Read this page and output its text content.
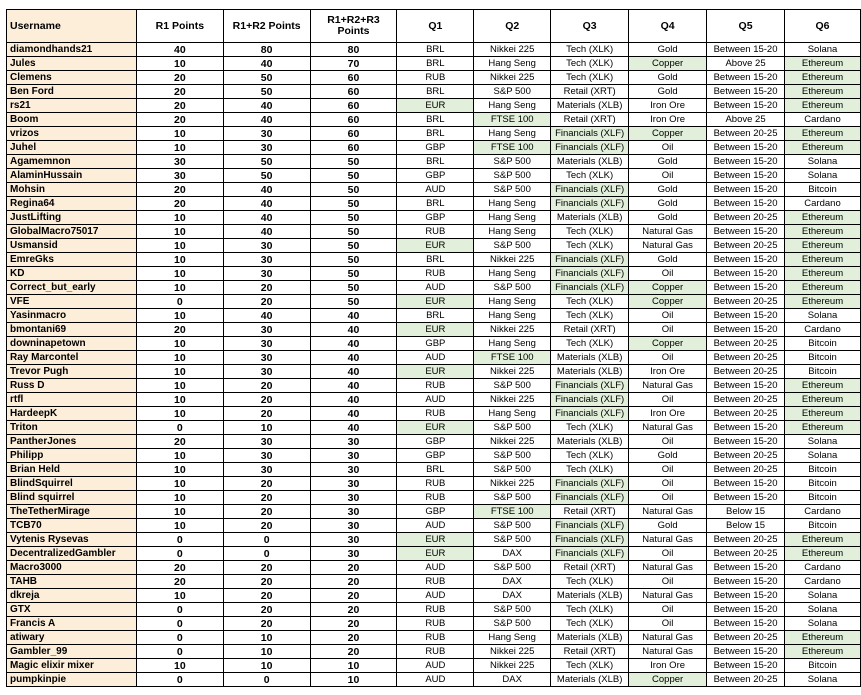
Username	R1 Points	R1+R2 Points	R1+R2+R3 Points	Q1	Q2	Q3	Q4	Q5	Q6
diamondhands21	40	80	80	BRL	Nikkei 225	Tech (XLK)	Gold	Between 15-20	Solana
Jules	10	40	70	BRL	Hang Seng	Tech (XLK)	Copper	Above 25	Ethereum
Clemens	20	50	60	RUB	Nikkei 225	Tech (XLK)	Gold	Between 15-20	Ethereum
Ben Ford	20	50	60	BRL	S&P 500	Retail (XRT)	Gold	Between 15-20	Ethereum
rs21	20	40	60	EUR	Hang Seng	Materials (XLB)	Iron Ore	Between 15-20	Ethereum
Boom	20	40	60	BRL	FTSE 100	Retail (XRT)	Iron Ore	Above 25	Cardano
vrizos	10	30	60	BRL	Hang Seng	Financials (XLF)	Copper	Between 20-25	Ethereum
Juhel	10	30	60	GBP	FTSE 100	Financials (XLF)	Oil	Between 15-20	Ethereum
Agamemnon	30	50	50	BRL	S&P 500	Materials (XLB)	Gold	Between 15-20	Solana
AlaminHussain	30	50	50	GBP	S&P 500	Tech (XLK)	Oil	Between 15-20	Solana
Mohsin	20	40	50	AUD	S&P 500	Financials (XLF)	Gold	Between 15-20	Bitcoin
Regina64	20	40	50	BRL	Hang Seng	Financials (XLF)	Gold	Between 15-20	Cardano
JustLifting	10	40	50	GBP	Hang Seng	Materials (XLB)	Gold	Between 20-25	Ethereum
GlobalMacro75017	10	40	50	RUB	Hang Seng	Tech (XLK)	Natural Gas	Between 15-20	Ethereum
Usmansid	10	30	50	EUR	S&P 500	Tech (XLK)	Natural Gas	Between 20-25	Ethereum
EmreGks	10	30	50	BRL	Nikkei 225	Financials (XLF)	Gold	Between 15-20	Ethereum
KD	10	30	50	RUB	Hang Seng	Financials (XLF)	Oil	Between 15-20	Ethereum
Correct_but_early	10	20	50	AUD	S&P 500	Financials (XLF)	Copper	Between 15-20	Ethereum
VFE	0	20	50	EUR	Hang Seng	Tech (XLK)	Copper	Between 20-25	Ethereum
Yasinmacro	10	40	40	BRL	Hang Seng	Tech (XLK)	Oil	Between 15-20	Solana
bmontani69	20	30	40	EUR	Nikkei 225	Retail (XRT)	Oil	Between 15-20	Cardano
downinapetown	10	30	40	GBP	Hang Seng	Tech (XLK)	Copper	Between 20-25	Bitcoin
Ray Marcontel	10	30	40	AUD	FTSE 100	Materials (XLB)	Oil	Between 20-25	Bitcoin
Trevor Pugh	10	30	40	EUR	Nikkei 225	Materials (XLB)	Iron Ore	Between 20-25	Bitcoin
Russ D	10	20	40	RUB	S&P 500	Financials (XLF)	Natural Gas	Between 15-20	Ethereum
rtfl	10	20	40	AUD	Nikkei 225	Financials (XLF)	Oil	Between 20-25	Ethereum
HardeepK	10	20	40	RUB	Hang Seng	Financials (XLF)	Iron Ore	Between 20-25	Ethereum
Triton	0	10	40	EUR	S&P 500	Tech (XLK)	Natural Gas	Between 15-20	Ethereum
PantherJones	20	30	30	GBP	Nikkei 225	Materials (XLB)	Oil	Between 15-20	Solana
Philipp	10	30	30	GBP	S&P 500	Tech (XLK)	Gold	Between 20-25	Solana
Brian Held	10	30	30	BRL	S&P 500	Tech (XLK)	Oil	Between 20-25	Bitcoin
BlindSquirrel	10	20	30	RUB	Nikkei 225	Financials (XLF)	Oil	Between 15-20	Bitcoin
Blind squirrel	10	20	30	RUB	S&P 500	Financials (XLF)	Oil	Between 15-20	Bitcoin
TheTetherMirage	10	20	30	GBP	FTSE 100	Retail (XRT)	Natural Gas	Below 15	Cardano
TCB70	10	20	30	AUD	S&P 500	Financials (XLF)	Gold	Below 15	Bitcoin
Vytenis Rysevas	0	0	30	EUR	S&P 500	Financials (XLF)	Natural Gas	Between 20-25	Ethereum
DecentralizedGambler	0	0	30	EUR	DAX	Financials (XLF)	Oil	Between 20-25	Ethereum
Macro3000	20	20	20	AUD	S&P 500	Retail (XRT)	Natural Gas	Between 15-20	Cardano
TAHB	20	20	20	RUB	DAX	Tech (XLK)	Oil	Between 15-20	Cardano
dkreja	10	20	20	AUD	DAX	Materials (XLB)	Natural Gas	Between 15-20	Solana
GTX	0	20	20	RUB	S&P 500	Tech (XLK)	Oil	Between 15-20	Solana
Francis A	0	20	20	RUB	S&P 500	Tech (XLK)	Oil	Between 15-20	Solana
atiwary	0	10	20	RUB	Hang Seng	Materials (XLB)	Natural Gas	Between 20-25	Ethereum
Gambler_99	0	10	20	RUB	Nikkei 225	Retail (XRT)	Natural Gas	Between 15-20	Ethereum
Magic elixir mixer	10	10	10	AUD	Nikkei 225	Tech (XLK)	Iron Ore	Between 15-20	Bitcoin
pumpkinpie	0	0	10	AUD	DAX	Materials (XLB)	Copper	Between 20-25	Solana
